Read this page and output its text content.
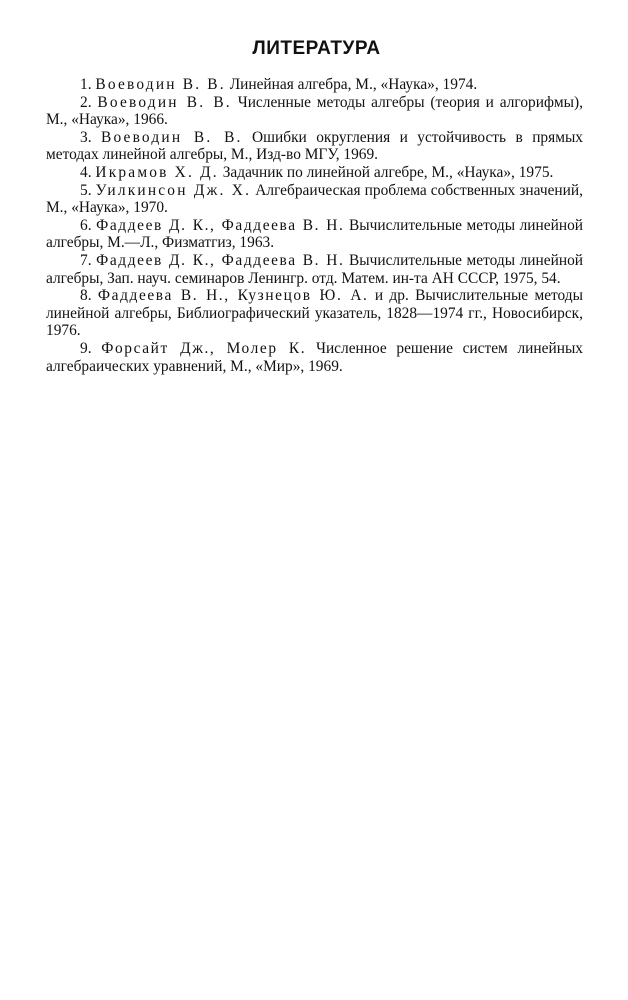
ЛИТЕРАТУРА

1. Воеводин В. В. Линейная алгебра, М., «Наука», 1974.

2. Воеводин В. В. Численные методы алгебры (теория и алгорифмы), М., «Наука», 1966.

3. Воеводин В. В. Ошибки округления и устойчивость в прямых методах линейной алгебры, М., Изд-во МГУ, 1969.

4. Икрамов Х. Д. Задачник по линейной алгебре, М., «Наука», 1975.

5. Уилкинсон Дж. Х. Алгебраическая проблема собственных значений, М., «Наука», 1970.

6. Фаддеев Д. К., Фаддеева В. Н. Вычислительные методы линейной алгебры, М.—Л., Физматгиз, 1963.

7. Фаддеев Д. К., Фаддеева В. Н. Вычислительные методы линейной алгебры, Зап. науч. семинаров Ленингр. отд. Матем. ин-та АН СССР, 1975, 54.

8. Фаддеева В. Н., Кузнецов Ю. А. и др. Вычислительные методы линейной алгебры, Библиографический указатель, 1828—1974 гг., Новосибирск, 1976.

9. Форсайт Дж., Молер К. Численное решение систем линейных алгебраических уравнений, М., «Мир», 1969.
